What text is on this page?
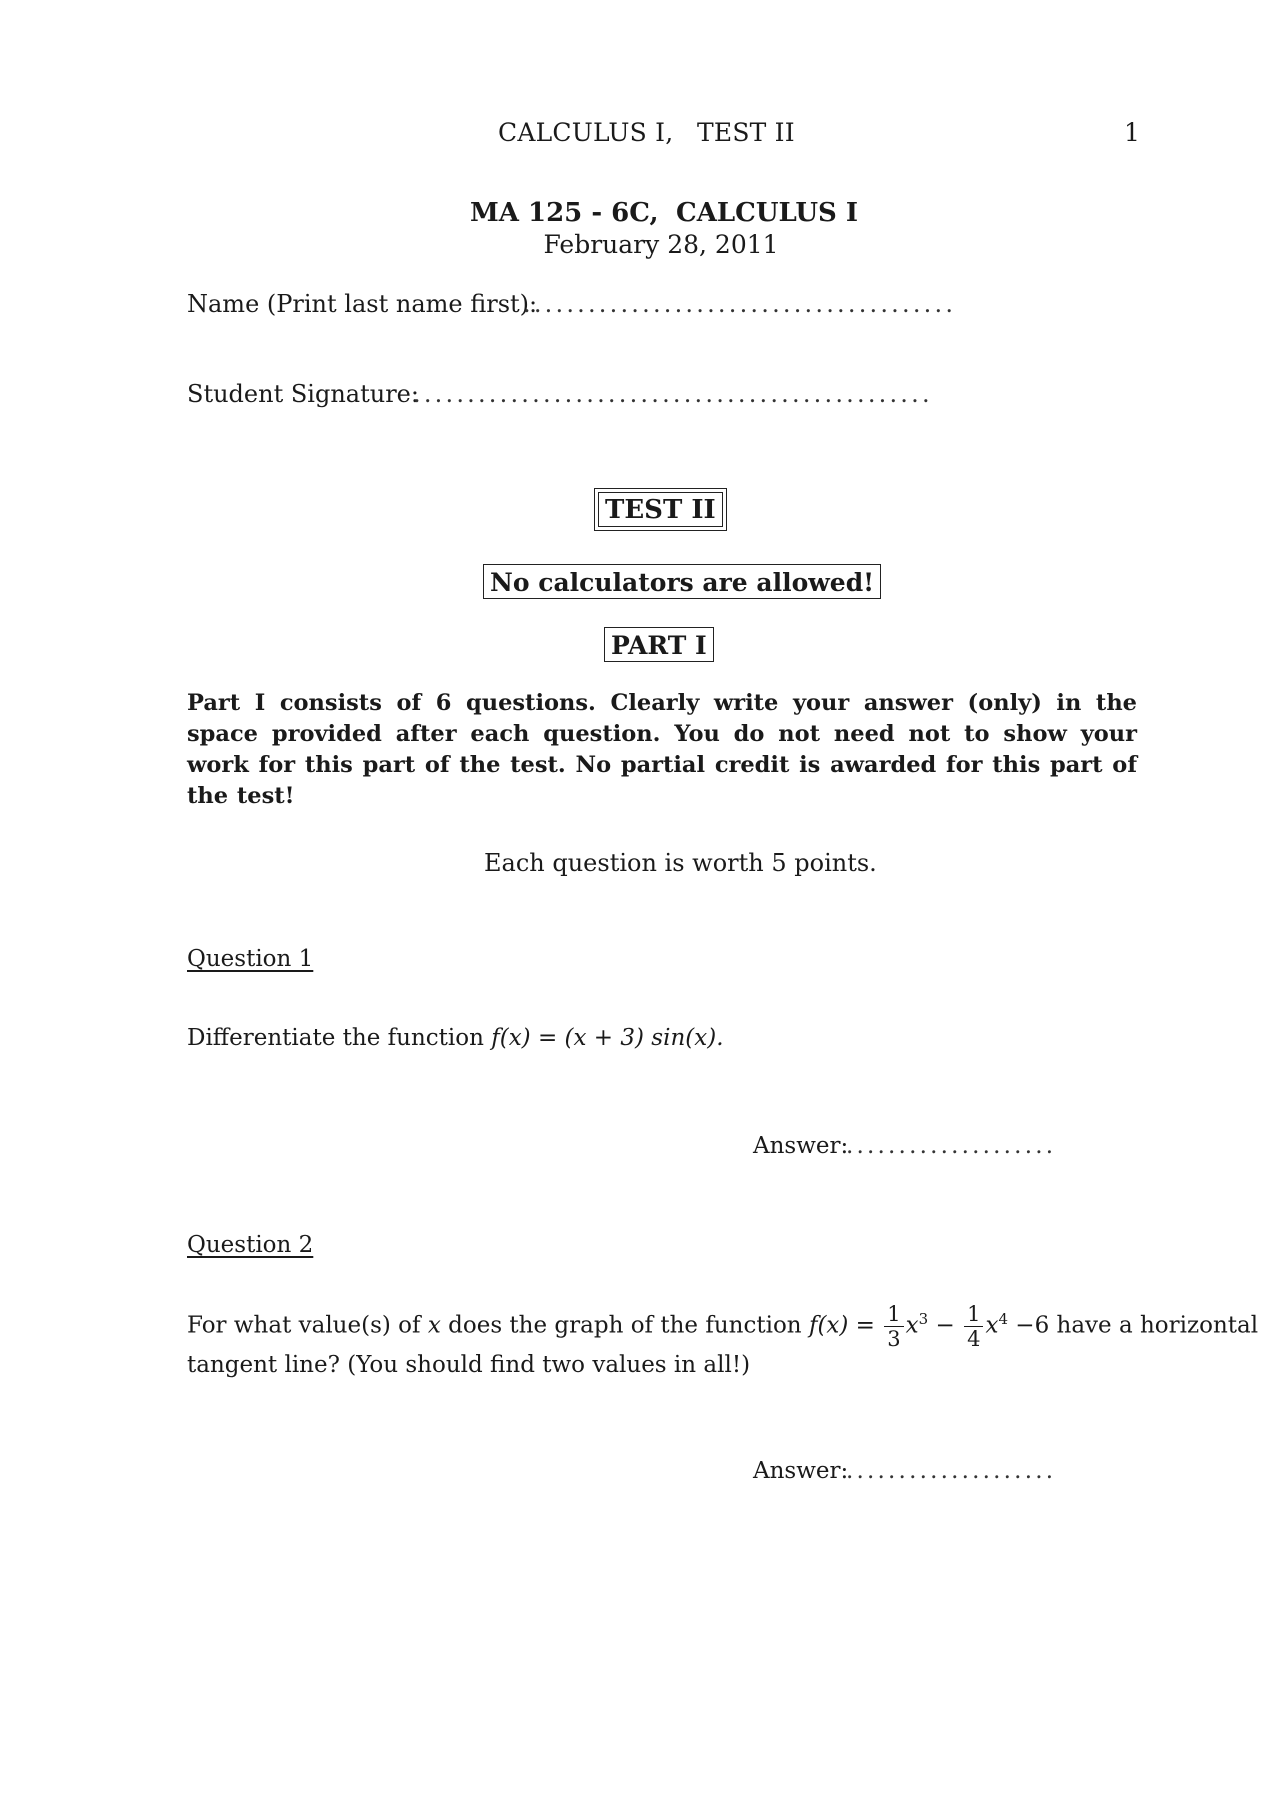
CALCULUS I, TEST II	1
MA 125 - 6C, CALCULUS I
February 28, 2011
Name (Print last name first):
........................................
Student Signature:
................................................
TEST II
No calculators are allowed!
PART I
Part I consists of 6 questions. Clearly write your answer (only) in the space provided after each question. You do not need not to show your work for this part of the test. No partial credit is awarded for this part of the test!
Each question is worth 5 points.
Question 1
Differentiate the function f(x) = (x + 3) sin(x).
Answer:
....................
Question 2
For what value(s) of x does the graph of the function $f(x) = \frac{1}{3} x^3 - \frac{1}{4} x^4 -6$ have a horizontal
tangent line? (You should find two values in all!)
Answer:
....................
